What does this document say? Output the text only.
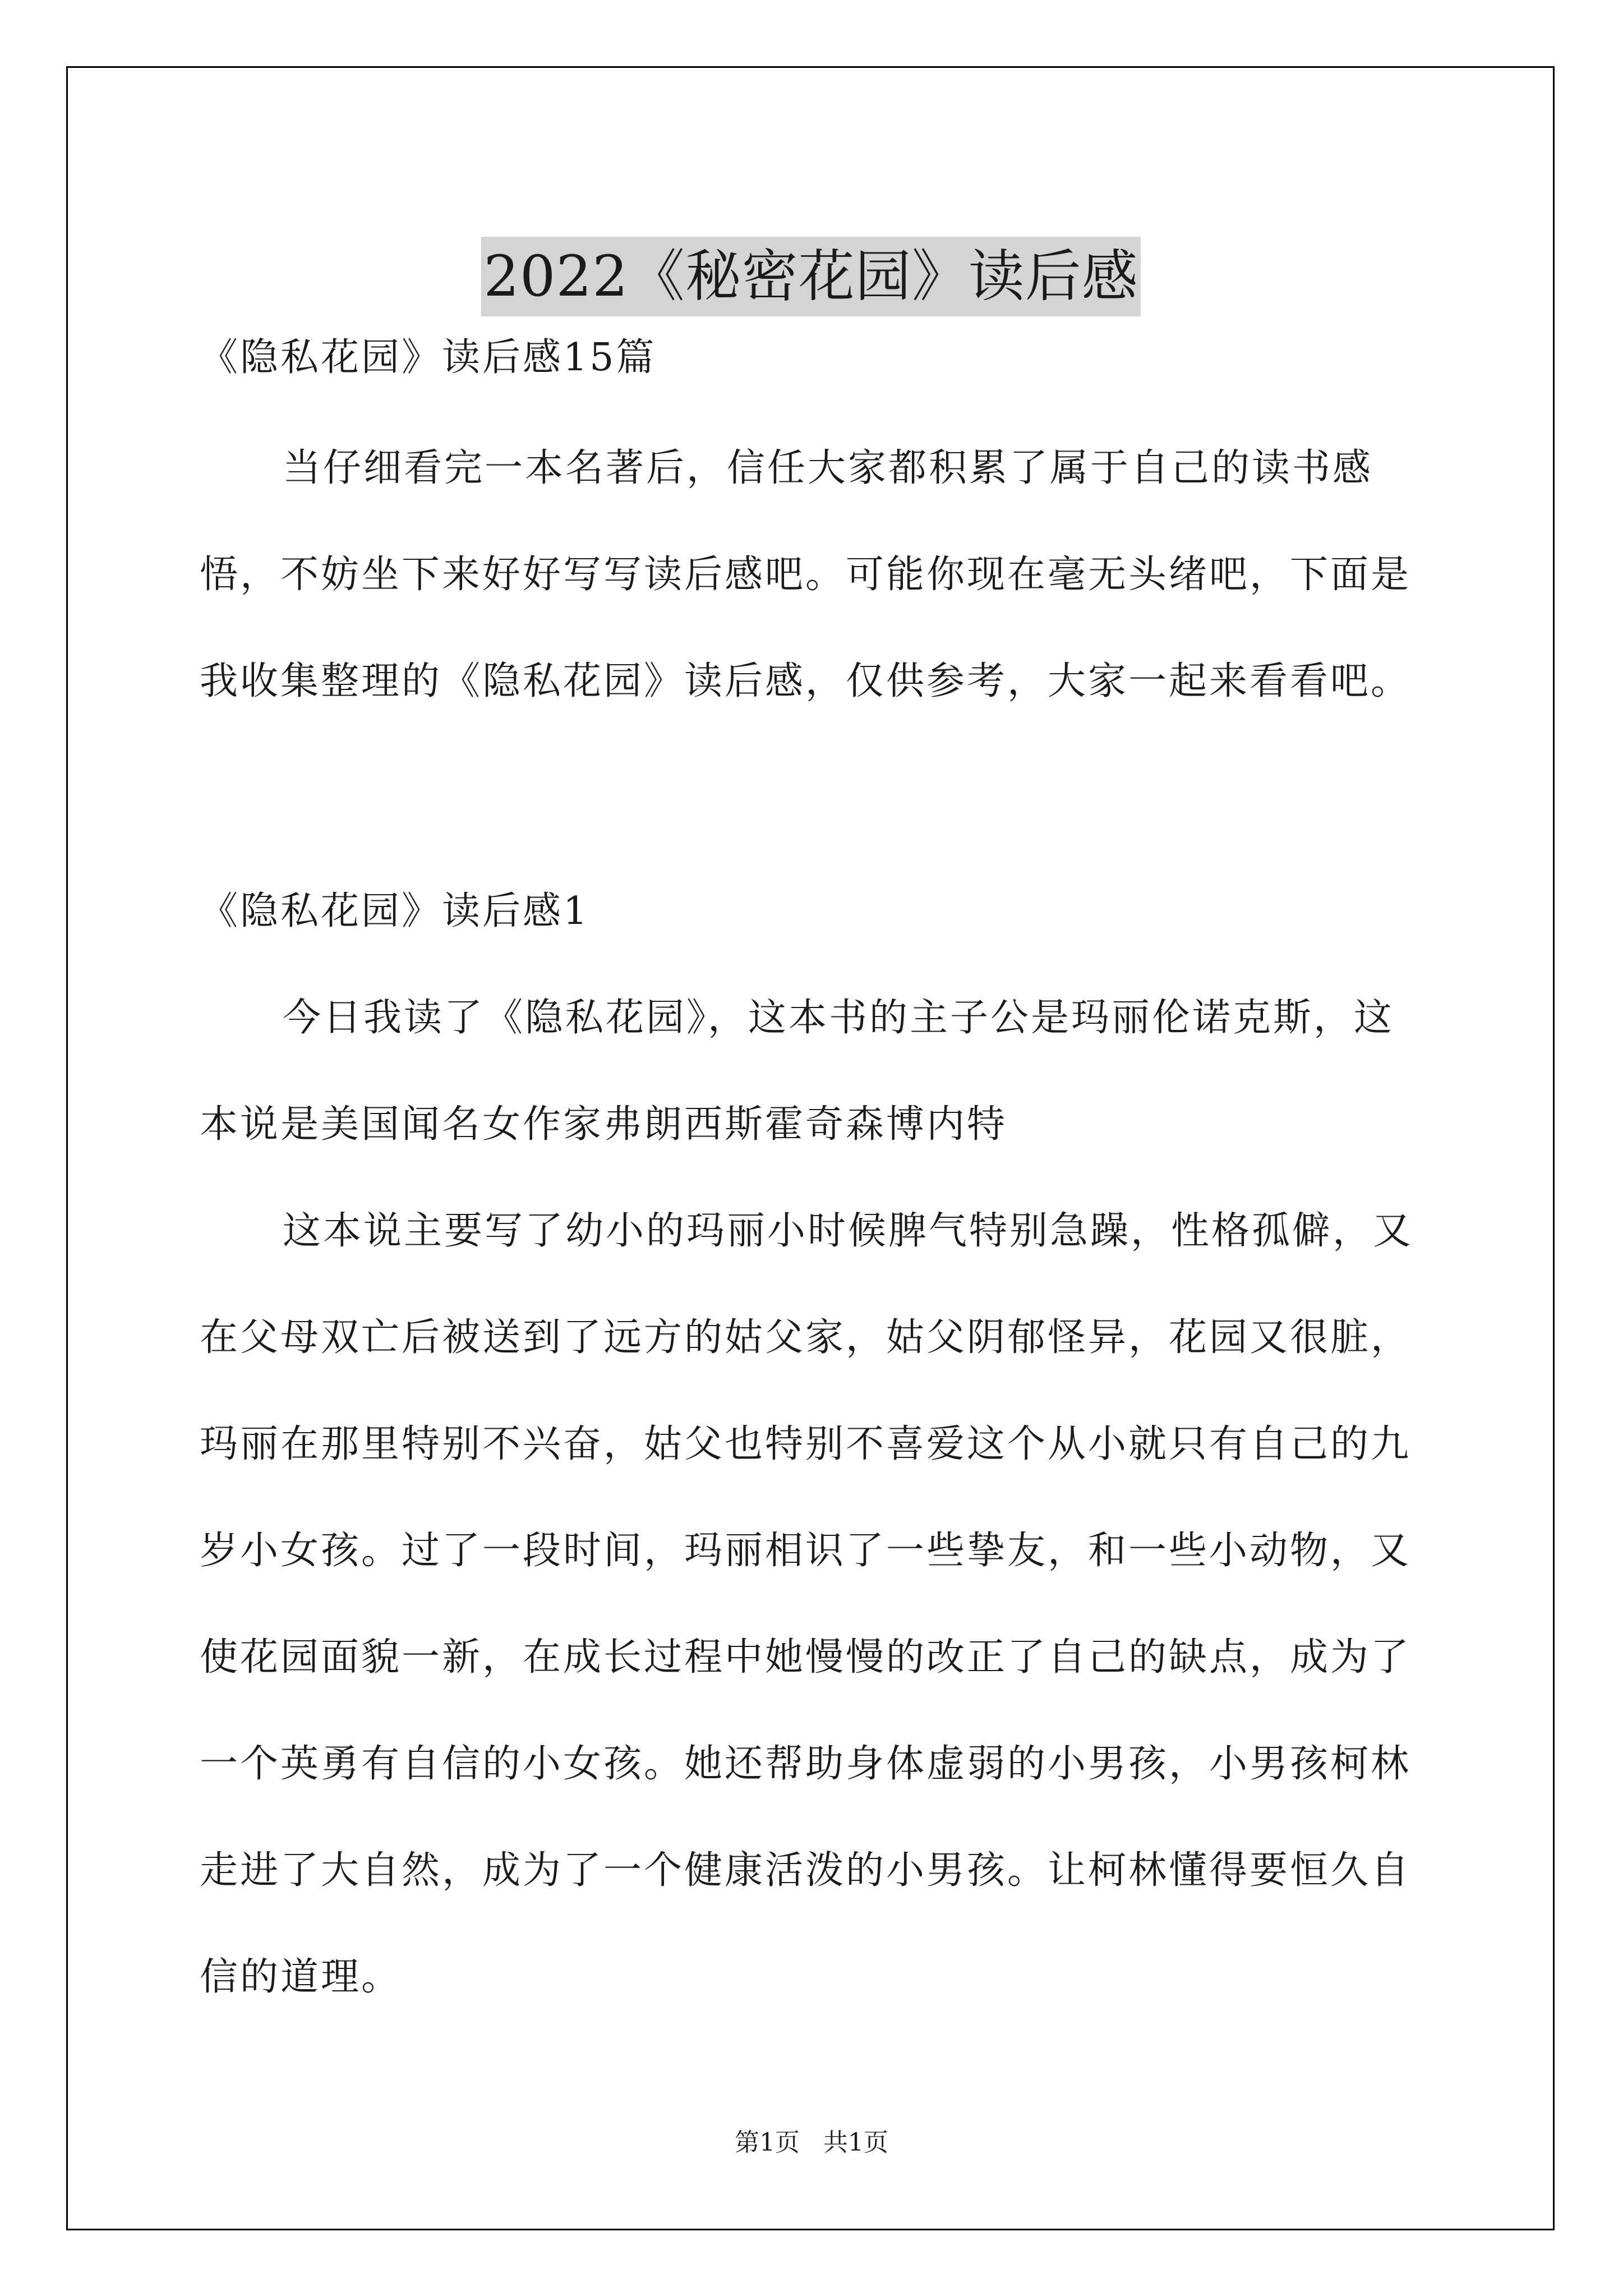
2022《秘密花园》读后感

《隐私花园》读后感15篇

当仔细看完一本名著后，信任大家都积累了属于自己的读书感悟，不妨坐下来好好写写读后感吧。可能你现在毫无头绪吧，下面是我收集整理的《隐私花园》读后感，仅供参考，大家一起来看看吧。

《隐私花园》读后感1

今日我读了《隐私花园》，这本书的主子公是玛丽伦诺克斯，这本说是美国闻名女作家弗朗西斯霍奇森博内特

这本说主要写了幼小的玛丽小时候脾气特别急躁，性格孤僻，又在父母双亡后被送到了远方的姑父家，姑父阴郁怪异，花园又很脏，玛丽在那里特别不兴奋，姑父也特别不喜爱这个从小就只有自己的九岁小女孩。过了一段时间，玛丽相识了一些挚友，和一些小动物，又使花园面貌一新，在成长过程中她慢慢的改正了自己的缺点，成为了一个英勇有自信的小女孩。她还帮助身体虚弱的小男孩，小男孩柯林走进了大自然，成为了一个健康活泼的小男孩。让柯林懂得要恒久自信的道理。

第1页 共1页
